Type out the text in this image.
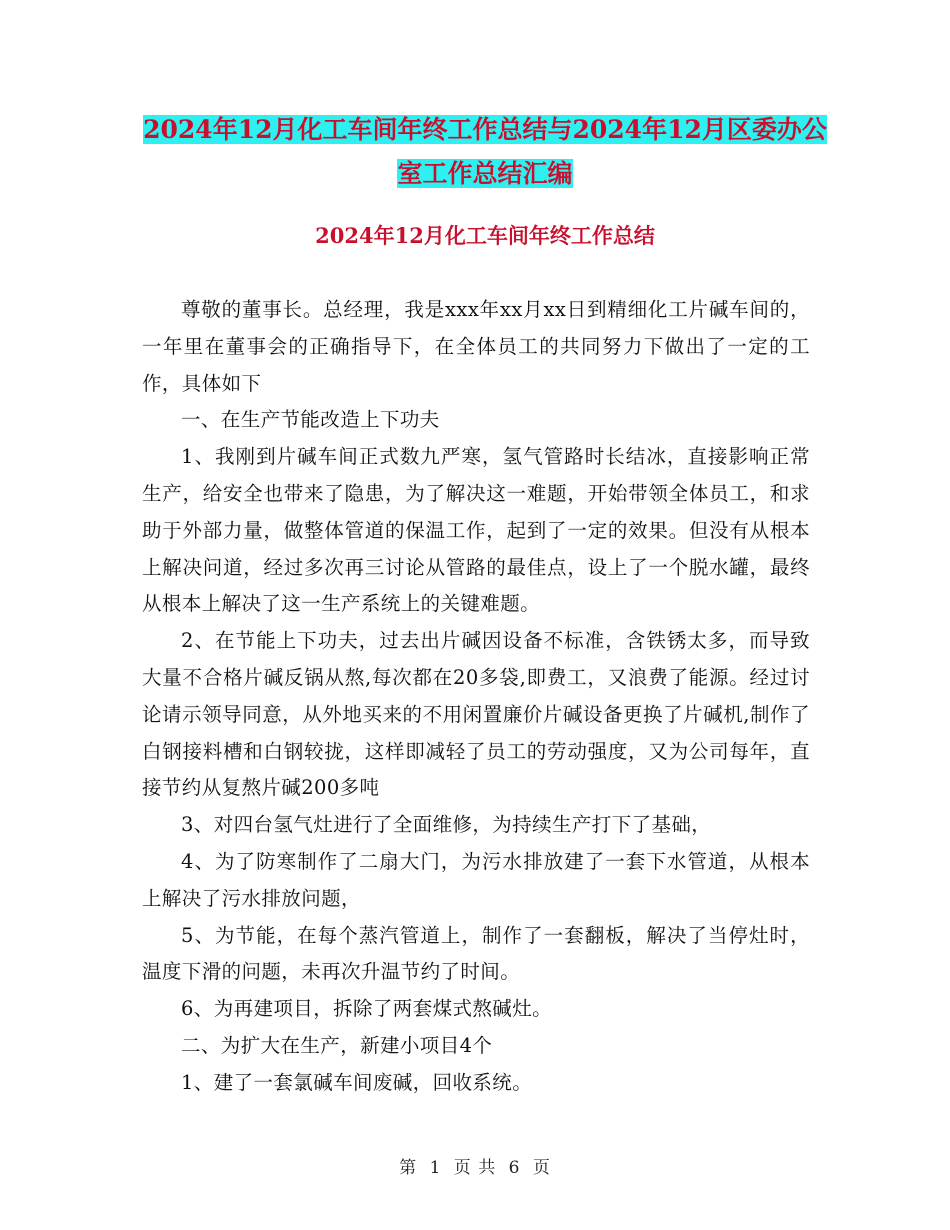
2024年12月化工车间年终工作总结与2024年12月区委办公室工作总结汇编
2024年12月化工车间年终工作总结

尊敬的董事长。总经理，我是xxx年xx月xx日到精细化工片碱车间的，一年里在董事会的正确指导下，在全体员工的共同努力下做出了一定的工作，具体如下

一、在生产节能改造上下功夫

1、我刚到片碱车间正式数九严寒，氢气管路时长结冰，直接影响正常生产，给安全也带来了隐患，为了解决这一难题，开始带领全体员工，和求助于外部力量，做整体管道的保温工作，起到了一定的效果。但没有从根本上解决问道，经过多次再三讨论从管路的最佳点，设上了一个脱水罐，最终从根本上解决了这一生产系统上的关键难题。

2、在节能上下功夫，过去出片碱因设备不标准，含铁锈太多，而导致大量不合格片碱反锅从熬,每次都在20多袋,即费工，又浪费了能源。经过讨论请示领导同意，从外地买来的不用闲置廉价片碱设备更换了片碱机,制作了白钢接料槽和白钢较拢，这样即减轻了员工的劳动强度，又为公司每年，直接节约从复熬片碱200多吨

3、对四台氢气灶进行了全面维修，为持续生产打下了基础，

4、为了防寒制作了二扇大门，为污水排放建了一套下水管道，从根本上解决了污水排放问题，

5、为节能，在每个蒸汽管道上，制作了一套翻板，解决了当停灶时，温度下滑的问题，未再次升温节约了时间。

6、为再建项目，拆除了两套煤式熬碱灶。

二、为扩大在生产，新建小项目4个

1、建了一套氯碱车间废碱，回收系统。

第 1 页 共 6 页
